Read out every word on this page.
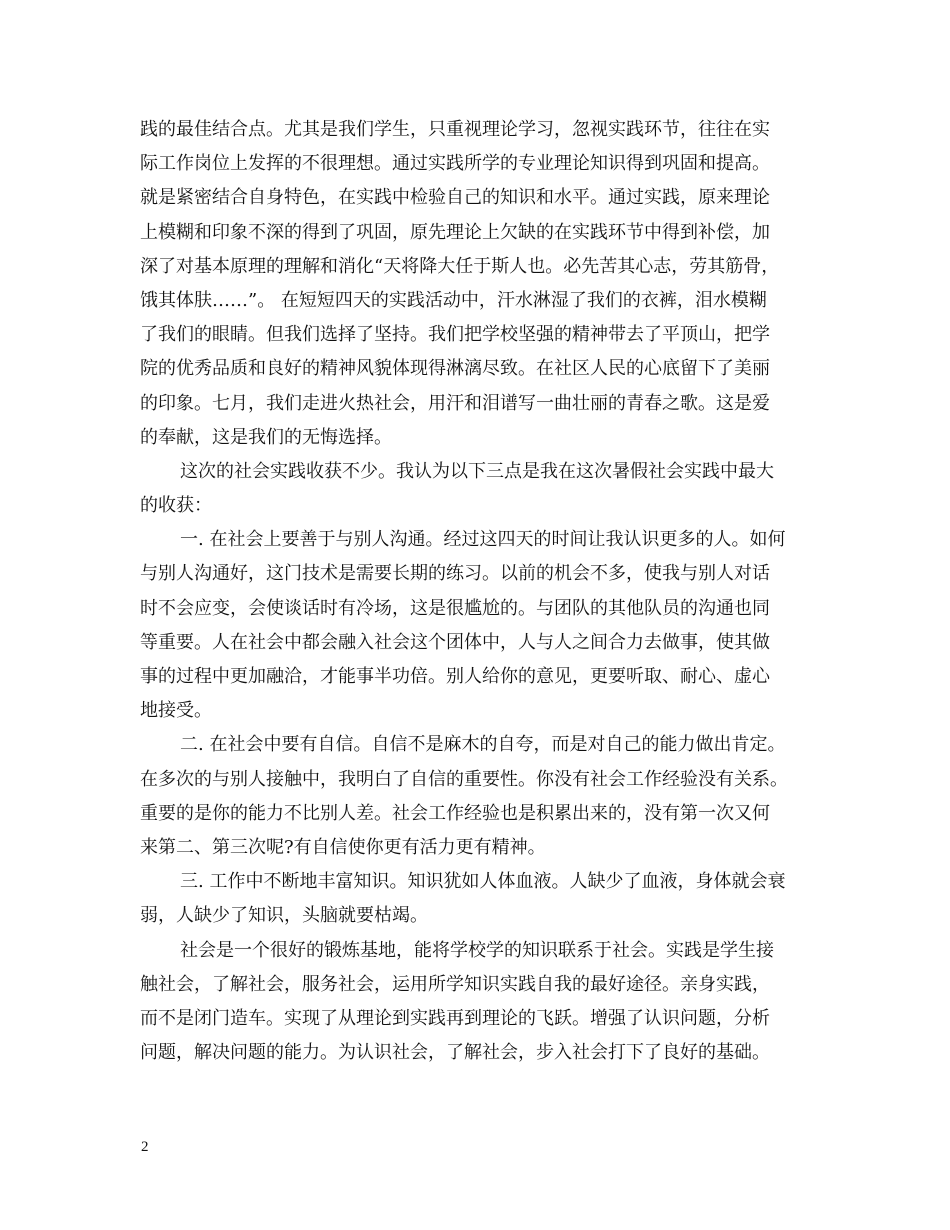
践的最佳结合点。尤其是我们学生，只重视理论学习，忽视实践环节，往往在实
际工作岗位上发挥的不很理想。通过实践所学的专业理论知识得到巩固和提高。
就是紧密结合自身特色，在实践中检验自己的知识和水平。通过实践，原来理论
上模糊和印象不深的得到了巩固，原先理论上欠缺的在实践环节中得到补偿，加
深了对基本原理的理解和消化“天将降大任于斯人也。必先苦其心志，劳其筋骨，
饿其体肤……”。 在短短四天的实践活动中，汗水淋湿了我们的衣裤，泪水模糊
了我们的眼睛。但我们选择了坚持。我们把学校坚强的精神带去了平顶山，把学
院的优秀品质和良好的精神风貌体现得淋漓尽致。在社区人民的心底留下了美丽
的印象。七月，我们走进火热社会，用汗和泪谱写一曲壮丽的青春之歌。这是爱
的奉献，这是我们的无悔选择。
这次的社会实践收获不少。我认为以下三点是我在这次暑假社会实践中最大
的收获：
一. 在社会上要善于与别人沟通。经过这四天的时间让我认识更多的人。如何
与别人沟通好，这门技术是需要长期的练习。以前的机会不多，使我与别人对话
时不会应变，会使谈话时有冷场，这是很尴尬的。与团队的其他队员的沟通也同
等重要。人在社会中都会融入社会这个团体中，人与人之间合力去做事，使其做
事的过程中更加融洽，才能事半功倍。别人给你的意见，更要听取、耐心、虚心
地接受。
二. 在社会中要有自信。自信不是麻木的自夸，而是对自己的能力做出肯定。
在多次的与别人接触中，我明白了自信的重要性。你没有社会工作经验没有关系。
重要的是你的能力不比别人差。社会工作经验也是积累出来的，没有第一次又何
来第二、第三次呢?有自信使你更有活力更有精神。
三. 工作中不断地丰富知识。知识犹如人体血液。人缺少了血液，身体就会衰
弱，人缺少了知识，头脑就要枯竭。
社会是一个很好的锻炼基地，能将学校学的知识联系于社会。实践是学生接
触社会，了解社会，服务社会，运用所学知识实践自我的最好途径。亲身实践，
而不是闭门造车。实现了从理论到实践再到理论的飞跃。增强了认识问题，分析
问题，解决问题的能力。为认识社会，了解社会，步入社会打下了良好的基础。
2
